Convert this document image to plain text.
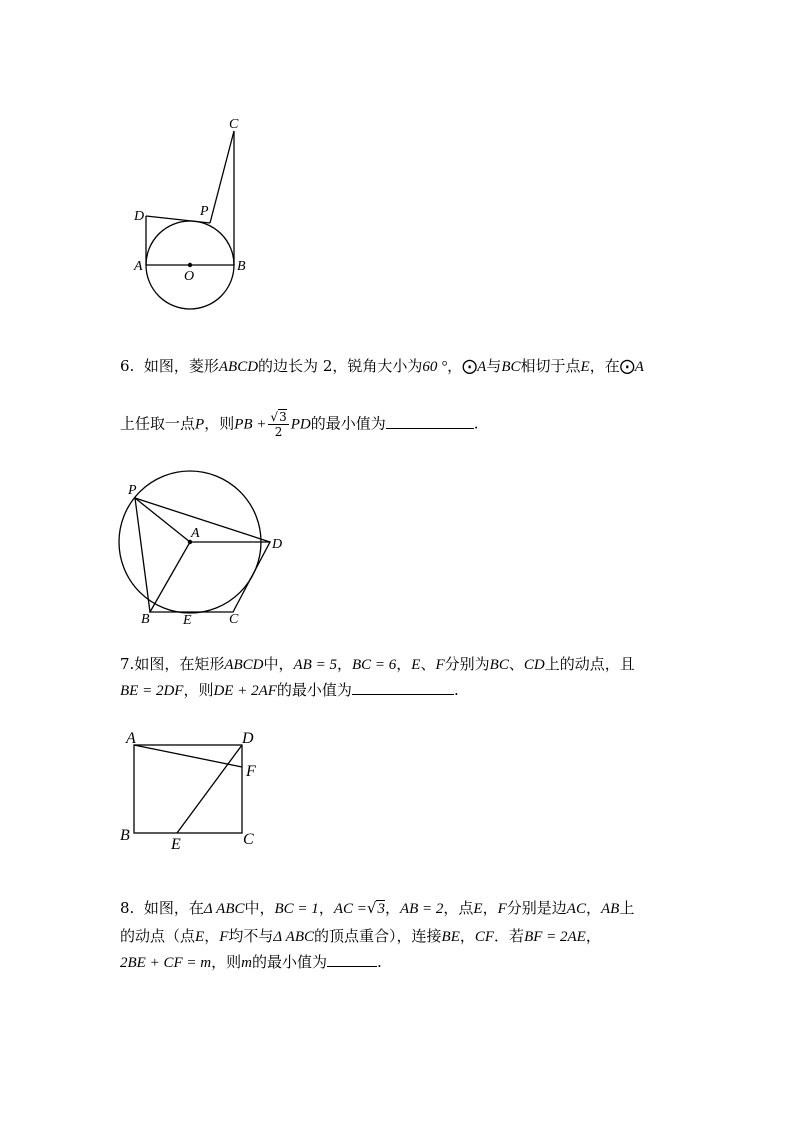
C
D	P
A	B
O
6. 如图，菱形ABCD的边长为 2，锐角大小为60 °，⨀A与BC相切于点E，在⨀A
上任取一点P，则PB + $\frac{√3}{2}$ PD的最小值为	.
P
A
D
B E	C
7.如图，在矩形ABCD中，AB = 5，BC = 6，E、F分别为BC、CD上的动点，且
BE = 2DF，则DE + 2AF的最小值为	.
A	D
F
B
E	C
8. 如图，在Δ ABC中，BC = 1，AC =√3，AB = 2，点E，F分别是边AC，AB上
的动点（点E，F均不与Δ ABC的顶点重合），连接BE，CF．若BF = 2AE，
2BE + CF = m，则m的最小值为	.
